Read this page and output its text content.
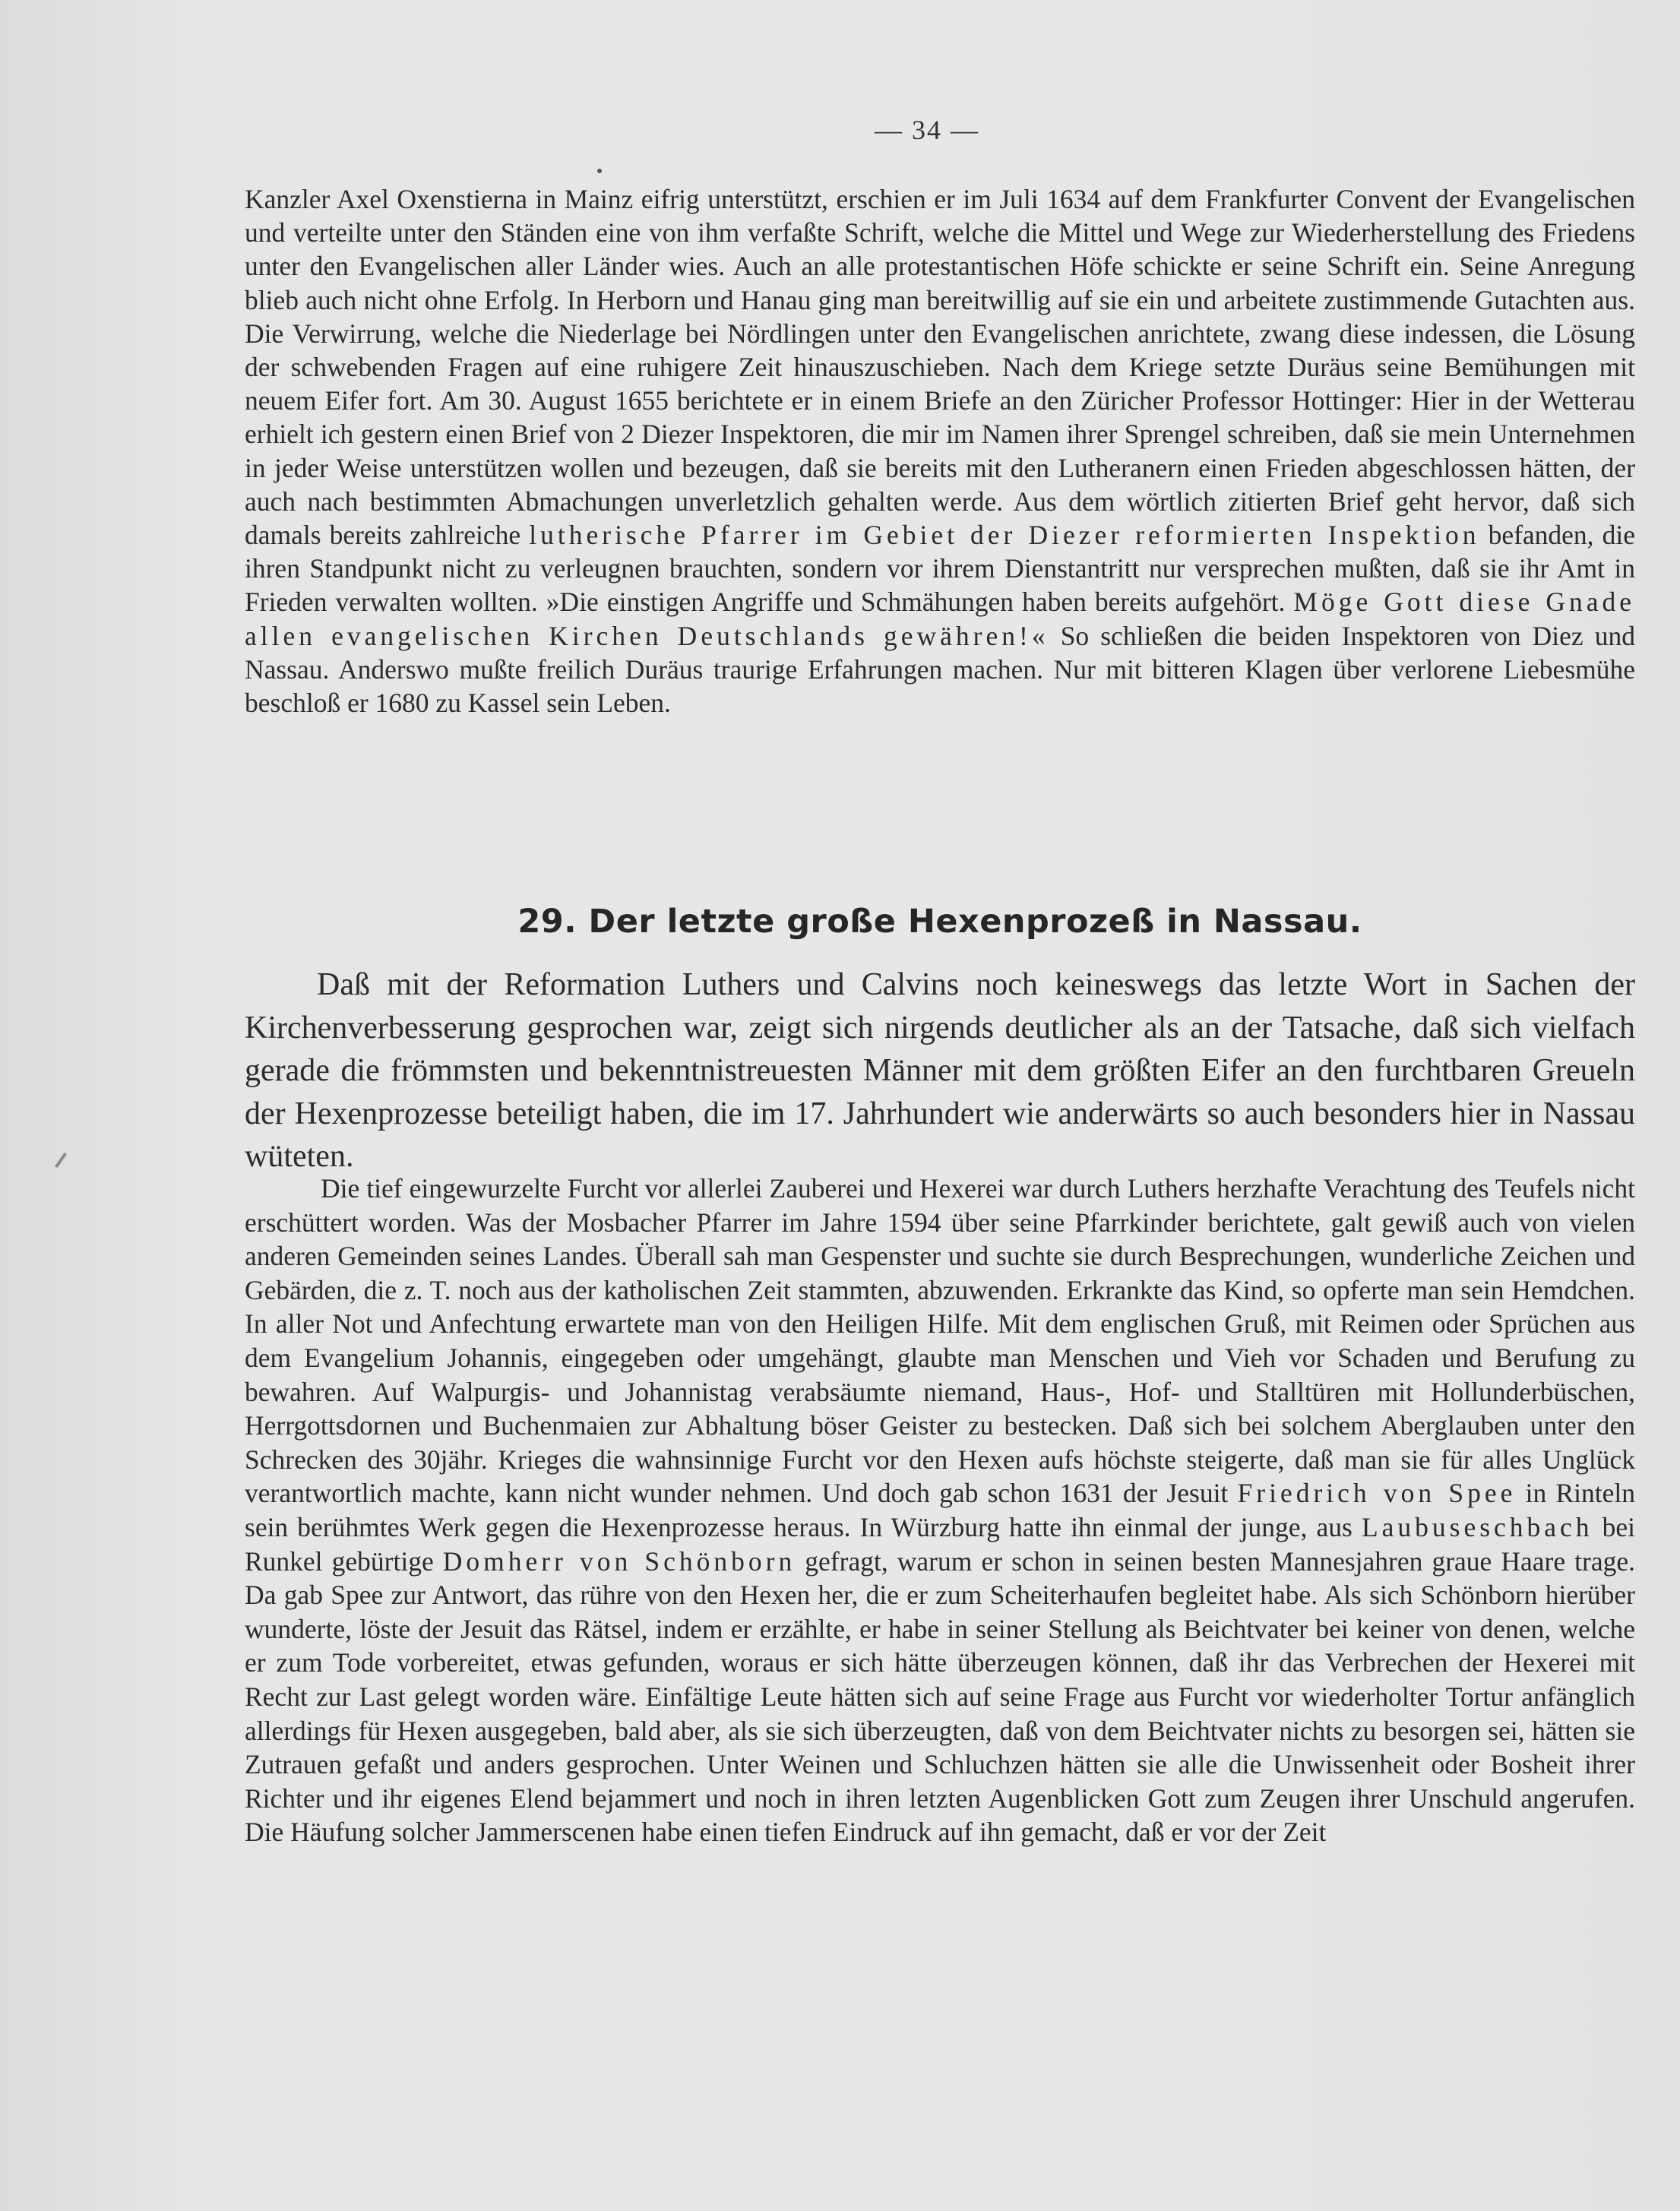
— 34 —

Kanzler Axel Oxenstierna in Mainz eifrig unterstützt, erschien er im Juli 1634 auf dem Frankfurter Convent der Evangelischen und verteilte unter den Ständen eine von ihm verfaßte Schrift, welche die Mittel und Wege zur Wiederherstellung des Friedens unter den Evangelischen aller Länder wies. Auch an alle protestantischen Höfe schickte er seine Schrift ein. Seine Anregung blieb auch nicht ohne Erfolg. In Herborn und Hanau ging man bereitwillig auf sie ein und arbeitete zustimmende Gutachten aus. Die Verwirrung, welche die Niederlage bei Nördlingen unter den Evangelischen anrichtete, zwang diese indessen, die Lösung der schwebenden Fragen auf eine ruhigere Zeit hinauszuschieben. Nach dem Kriege setzte Duräus seine Bemühungen mit neuem Eifer fort. Am 30. August 1655 berichtete er in einem Briefe an den Züricher Professor Hottinger: Hier in der Wetterau erhielt ich gestern einen Brief von 2 Diezer Inspektoren, die mir im Namen ihrer Sprengel schreiben, daß sie mein Unternehmen in jeder Weise unterstützen wollen und bezeugen, daß sie bereits mit den Lutheranern einen Frieden abgeschlossen hätten, der auch nach bestimmten Abmachungen unverletzlich gehalten werde. Aus dem wörtlich zitierten Brief geht hervor, daß sich damals bereits zahlreiche lutherische Pfarrer im Gebiet der Diezer reformierten Inspektion befanden, die ihren Standpunkt nicht zu verleugnen brauchten, sondern vor ihrem Dienstantritt nur versprechen mußten, daß sie ihr Amt in Frieden verwalten wollten. »Die einstigen Angriffe und Schmähungen haben bereits aufgehört. Möge Gott diese Gnade allen evangelischen Kirchen Deutschlands gewähren!« So schließen die beiden Inspektoren von Diez und Nassau. Anderswo mußte freilich Duräus traurige Erfahrungen machen. Nur mit bitteren Klagen über verlorene Liebesmühe beschloß er 1680 zu Kassel sein Leben.

29. Der letzte große Hexenprozeß in Nassau.

Daß mit der Reformation Luthers und Calvins noch keineswegs das letzte Wort in Sachen der Kirchenverbesserung gesprochen war, zeigt sich nirgends deutlicher als an der Tatsache, daß sich vielfach gerade die frömmsten und bekenntnistreuesten Männer mit dem größten Eifer an den furchtbaren Greueln der Hexenprozesse beteiligt haben, die im 17. Jahrhundert wie anderwärts so auch besonders hier in Nassau wüteten.

Die tief eingewurzelte Furcht vor allerlei Zauberei und Hexerei war durch Luthers herzhafte Verachtung des Teufels nicht erschüttert worden. Was der Mosbacher Pfarrer im Jahre 1594 über seine Pfarrkinder berichtete, galt gewiß auch von vielen anderen Gemeinden seines Landes. Überall sah man Gespenster und suchte sie durch Besprechungen, wunderliche Zeichen und Gebärden, die z. T. noch aus der katholischen Zeit stammten, abzuwenden. Erkrankte das Kind, so opferte man sein Hemdchen. In aller Not und Anfechtung erwartete man von den Heiligen Hilfe. Mit dem englischen Gruß, mit Reimen oder Sprüchen aus dem Evangelium Johannis, eingegeben oder umgehängt, glaubte man Menschen und Vieh vor Schaden und Berufung zu bewahren. Auf Walpurgis- und Johannistag verabsäumte niemand, Haus-, Hof- und Stalltüren mit Hollunderbüschen, Herrgottsdornen und Buchenmaien zur Abhaltung böser Geister zu bestecken. Daß sich bei solchem Aberglauben unter den Schrecken des 30jähr. Krieges die wahnsinnige Furcht vor den Hexen aufs höchste steigerte, daß man sie für alles Unglück verantwortlich machte, kann nicht wunder nehmen. Und doch gab schon 1631 der Jesuit Friedrich von Spee in Rinteln sein berühmtes Werk gegen die Hexenprozesse heraus. In Würzburg hatte ihn einmal der junge, aus Laubuseschbach bei Runkel gebürtige Domherr von Schönborn gefragt, warum er schon in seinen besten Mannesjahren graue Haare trage. Da gab Spee zur Antwort, das rühre von den Hexen her, die er zum Scheiterhaufen begleitet habe. Als sich Schönborn hierüber wunderte, löste der Jesuit das Rätsel, indem er erzählte, er habe in seiner Stellung als Beichtvater bei keiner von denen, welche er zum Tode vorbereitet, etwas gefunden, woraus er sich hätte überzeugen können, daß ihr das Verbrechen der Hexerei mit Recht zur Last gelegt worden wäre. Einfältige Leute hätten sich auf seine Frage aus Furcht vor wiederholter Tortur anfänglich allerdings für Hexen ausgegeben, bald aber, als sie sich überzeugten, daß von dem Beichtvater nichts zu besorgen sei, hätten sie Zutrauen gefaßt und anders gesprochen. Unter Weinen und Schluchzen hätten sie alle die Unwissenheit oder Bosheit ihrer Richter und ihr eigenes Elend bejammert und noch in ihren letzten Augenblicken Gott zum Zeugen ihrer Unschuld angerufen. Die Häufung solcher Jammerscenen habe einen tiefen Eindruck auf ihn gemacht, daß er vor der Zeit
